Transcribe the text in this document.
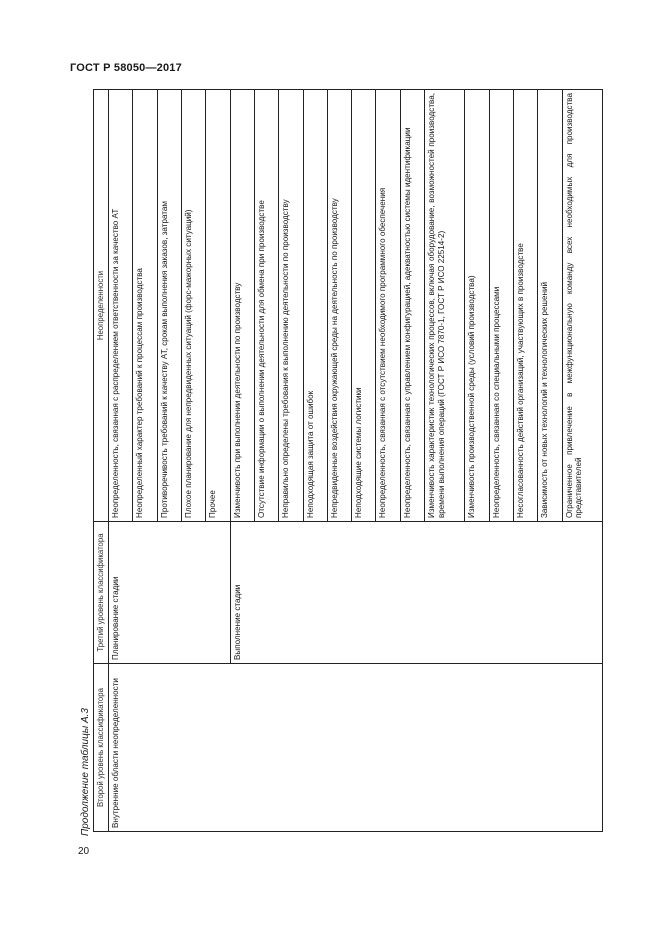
ГОСТ Р 58050—2017
Продолжение таблицы А.3
20
Второй уровень классификатора	Третий уровень классификатора	Неопределенности
Внутренние области неопределенности	Планирование стадии	Неопределенность, связанная с распределением ответственности за качество АТ
		Неопределенный характер требований к процессам производства
		Противоречивость требований к качеству АТ, срокам выполнения заказов, затратам
		Плохое планирование для непредвиденных ситуаций (форс-мажорных ситуаций)
		Прочее
	Выполнение стадии	Изменчивость при выполнении деятельности по производству
		Отсутствие информации о выполнении деятельности для обмена при производстве
		Неправильно определены требования к выполнению деятельности по производству
		Неподходящая защита от ошибок
		Непредвиденные воздействия окружающей среды на деятельность по производству
		Неподходящие системы логистики
		Неопределенность, связанная с отсутствием необходимого программного обеспечения
		Неопределенность, связанная с управлением конфигурацией, адекватностью системы идентификации
		Изменчивость характеристик технологических процессов, включая оборудование, возможностей производства, времени выполнения операций (ГОСТ Р ИСО 7870-1, ГОСТ Р ИСО 22514-2)
		Изменчивость производственной среды (условий производства)
		Неопределенность, связанная со специальными процессами
		Несогласованность действий организаций, участвующих в производстве
		Зависимость от новых технологий и технологических решений
		Ограниченное привлечение в межфункциональную команду всех необходимых для производства представителей
